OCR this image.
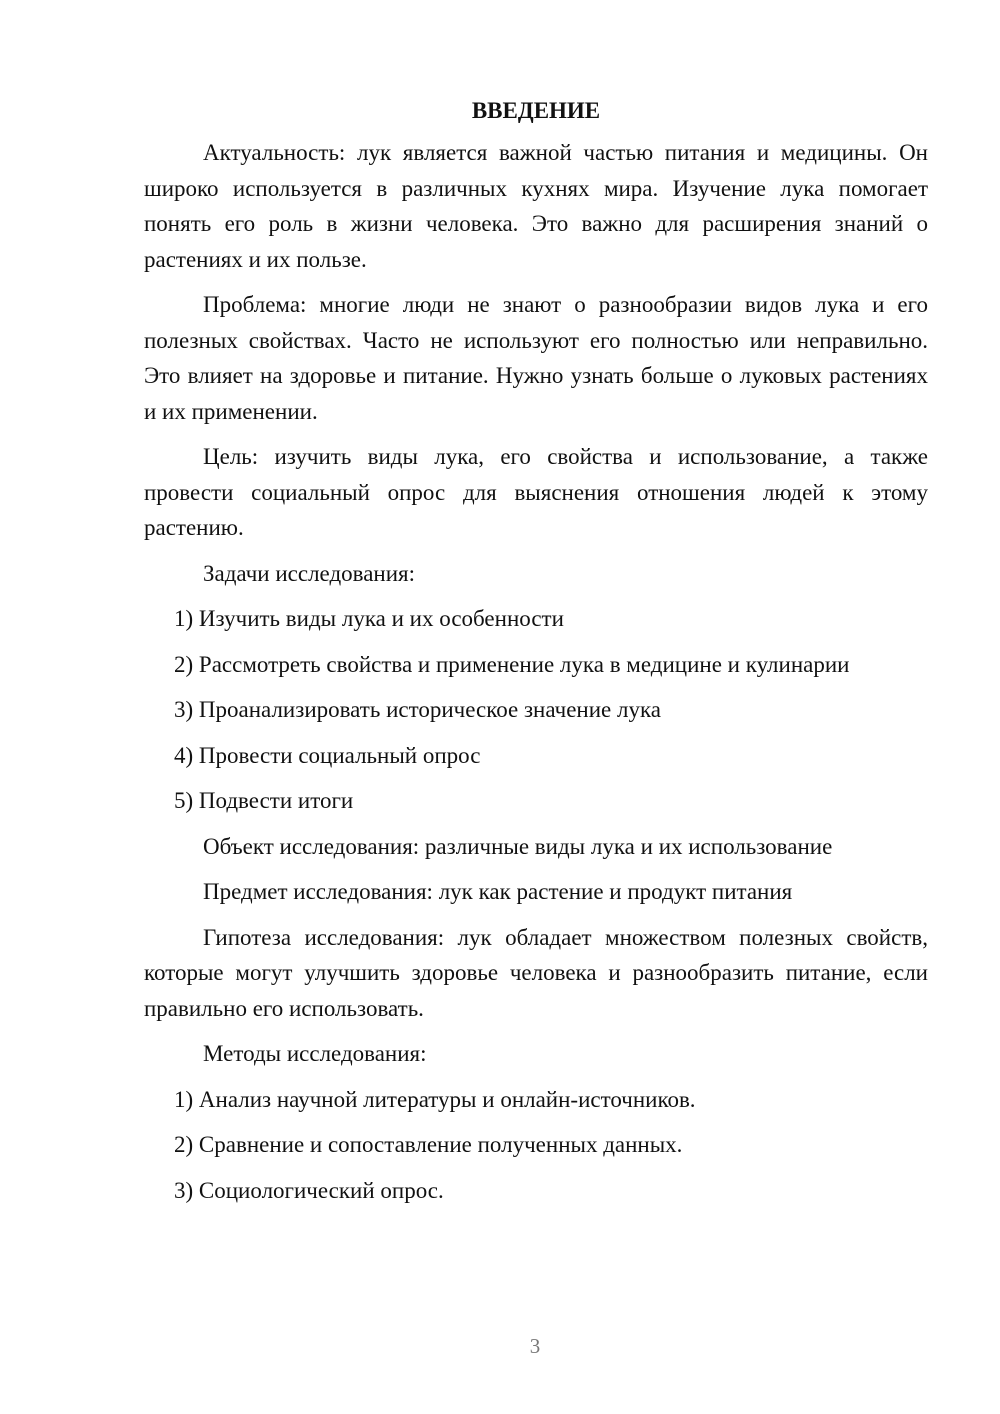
ВВЕДЕНИЕ

Актуальность: лук является важной частью питания и медицины. Он широко используется в различных кухнях мира. Изучение лука помогает понять его роль в жизни человека. Это важно для расширения знаний о растениях и их пользе.

Проблема: многие люди не знают о разнообразии видов лука и его полезных свойствах. Часто не используют его полностью или неправильно. Это влияет на здоровье и питание. Нужно узнать больше о луковых растениях и их применении.

Цель: изучить виды лука, его свойства и использование, а также провести социальный опрос для выяснения отношения людей к этому растению.

Задачи исследования:

1) Изучить виды лука и их особенности

2) Рассмотреть свойства и применение лука в медицине и кулинарии

3) Проанализировать историческое значение лука

4) Провести социальный опрос

5) Подвести итоги

Объект исследования: различные виды лука и их использование

Предмет исследования: лук как растение и продукт питания

Гипотеза исследования: лук обладает множеством полезных свойств, которые могут улучшить здоровье человека и разнообразить питание, если правильно его использовать.

Методы исследования:

1) Анализ научной литературы и онлайн-источников.

2) Сравнение и сопоставление полученных данных.

3) Социологический опрос.

3
